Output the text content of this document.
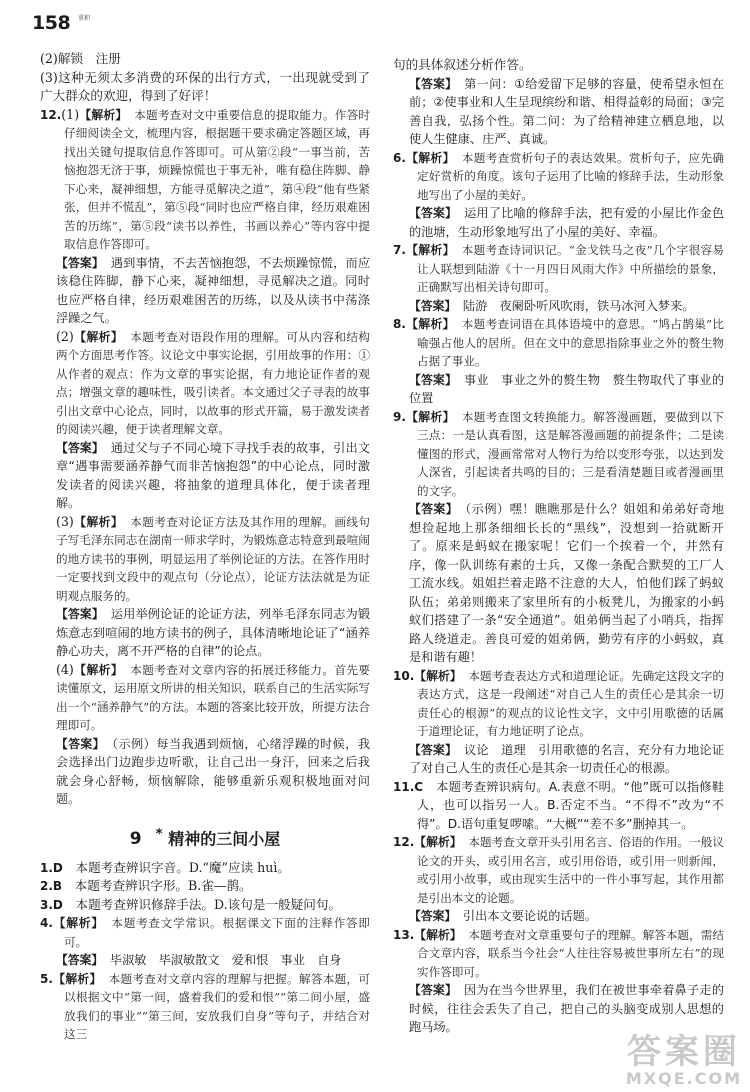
158 重积

(2)解锁　注册

(3)这种无须太多消费的环保的出行方式，一出现就受到了广大群众的欢迎，得到了好评！

12.(1)【解析】　 本题考查对文中重要信息的提取能力。作答时仔细阅读全文，梳理内容，根据题干要求确定答题区域，再找出关键句提取信息作答即可。可从第②段“一事当前，苦恼抱怨无济于事，烦躁惊慌也于事无补，唯有稳住阵脚、静下心来，凝神细想，方能寻觅解决之道”，第④段“他有些紧张，但并不慌乱”，第⑤段“同时也应严格自律，经历艰难困苦的历练”，第⑤段“读书以养性，书画以养心”等内容中提取信息作答即可。

【答案】　 遇到事情，不去苦恼抱怨，不去烦躁惊慌，而应该稳住阵脚，静下心来，凝神细想，寻觅解决之道。同时也应严格自律，经历艰难困苦的历练，以及从读书中荡涤浮躁之气。

(2)【解析】　 本题考查对语段作用的理解。可从内容和结构两个方面思考作答。议论文中事实论据，引用故事的作用：①从作者的观点：作为文章的事实论据，有力地论证作者的观点；增强文章的趣味性，吸引读者。本文通过父子寻表的故事引出文章中心论点，同时，以故事的形式开篇，易于激发读者的阅读兴趣，便于读者理解文章。

【答案】　 通过父与子不同心境下寻找手表的故事，引出文章“遇事需要涵养静气而非苦恼抱怨”的中心论点，同时激发读者的阅读兴趣，将抽象的道理具体化，便于读者理解。

(3)【解析】　 本题考查对论证方法及其作用的理解。画线句子写毛泽东同志在湖南一师求学时，为锻炼意志特意到最喧闹的地方读书的事例，明显运用了举例论证的方法。在答作用时一定要找到文段中的观点句（分论点），论证方法法就是为证明观点服务的。

【答案】　 运用举例论证的论证方法，列举毛泽东同志为锻炼意志到喧闹的地方读书的例子，具体清晰地论证了“涵养静心功夫，离不开严格的自律”的论点。

(4)【解析】　 本题考查对文章内容的拓展迁移能力。首先要读懂原文，运用原文所讲的相关知识，联系自己的生活实际写出一个“涵养静气”的方法。本题的答案比较开放，所提方法合理即可。

【答案】　 （示例）每当我遇到烦恼，心绪浮躁的时候，我会选择出门边跑步边听歌，让自己出一身汗，回来之后我就会身心舒畅，烦恼解除，能够重新乐观积极地面对问题。

9 * 精神的三间小屋

1.D　 本题考查辨识字音。D.“魔”应读 huì。

2.B　 本题考查辨识字形。B.雀—鹊。

3.D　 本题考查辨识修辞手法。D.该句是一般疑问句。

4.【解析】　 本题考查文学常识。根据课文下面的注释作答即可。

【答案】　 毕淑敏　毕淑敏散文　爱和恨　事业　自身

5.【解析】　 本题考查对文章内容的理解与把握。解答本题，可以根据文中“第一间，盛着我们的爱和恨”“第二间小屋，盛放我们的事业”“第三间，安放我们自身”等句子，并结合对这三

句的具体叙述分析作答。

【答案】　 第一问：①给爱留下足够的容量，使希望永恒在前；②使事业和人生呈现缤纷和谐、相得益彰的局面；③完善自我，弘扬个性。第二问：为了给精神建立栖息地，以使人生健康、庄严、真诚。

6.【解析】　 本题考查赏析句子的表达效果。赏析句子，应先确定好赏析的角度。该句子运用了比喻的修辞手法，生动形象地写出了小屋的美好。

【答案】　 运用了比喻的修辞手法，把有爱的小屋比作金色的池塘，生动形象地写出了小屋的美好、幸福。

7.【解析】　 本题考查诗词识记。“金戈铁马之夜”几个字很容易让人联想到陆游《十一月四日风雨大作》中所描绘的景象，正确默写出相关诗句即可。

【答案】　 陆游　夜阑卧听风吹雨，铁马冰河入梦来。

8.【解析】　 本题考查词语在具体语境中的意思。“鸠占鹊巢”比喻强占他人的居所。但在文中的意思指除事业之外的赘生物占据了事业。

【答案】　 事业　事业之外的赘生物　赘生物取代了事业的位置

9.【解析】　 本题考查图文转换能力。解答漫画题，要做到以下三点：一是认真看图，这是解答漫画题的前提条件；二是读懂图的形式，漫画常常对人物行为给以变形夸张，以达到发人深省，引起读者共鸣的目的；三是看清楚题目或者漫画里的文字。

【答案】　 （示例）嘿！瞧瞧那是什么？姐姐和弟弟好奇地想捡起地上那条细细长长的“黑线”，没想到一拾就断开了。原来是蚂蚁在搬家呢！它们一个挨着一个，井然有序，像一队训练有素的士兵，又像一条配合默契的工厂人工流水线。姐姐拦着走路不注意的大人，怕他们踩了蚂蚁队伍；弟弟则搬来了家里所有的小板凳儿，为搬家的小蚂蚁们搭建了一条“安全通道”。姐弟俩当起了小哨兵，指挥路人绕道走。善良可爱的姐弟俩，勤劳有序的小蚂蚁，真是和谐有趣！

10.【解析】　 本题考查表达方式和道理论证。先确定这段文字的表达方式，这是一段阐述“对自己人生的责任心是其余一切责任心的根源”的观点的议论性文字，文中引用歌德的话属于道理论证，有力地证明了论点。

【答案】　 议论　道理　引用歌德的名言，充分有力地论证了对自己人生的责任心是其余一切责任心的根源。

11.C　 本题考查辨识病句。A.表意不明。“他”既可以指修鞋人，也可以指另一人。B.否定不当。“不得不”改为“不得”。D.语句重复啰嗦。“大概”“差不多”删掉其一。

12.【解析】　 本题考查文章开头引用名言、俗语的作用。一般议论文的开头，或引用名言，或引用俗语，或引用一则新闻，或引用小故事，或由现实生活中的一件小事写起，其作用都是引出本文的论题。

【答案】　 引出本文要论说的话题。

13.【解析】　 本题考查对文章重要句子的理解。解答本题，需结合文章内容，联系当今社会“人往往容易被世事所左右”的现实作答即可。

【答案】　 因为在当今世界里，我们在被世事牵着鼻子走的时候，往往会丢失了自己，把自己的头脑变成别人思想的跑马场。

答案圈
MXQE.COM
